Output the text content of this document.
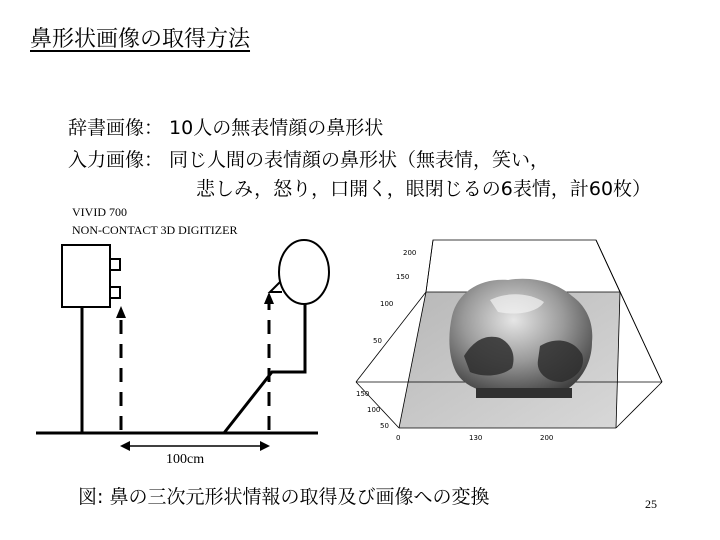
鼻形状画像の取得方法
辞書画像： 10人の無表情顔の鼻形状
入力画像： 同じ人間の表情顔の鼻形状（無表情，笑い，
悲しみ，怒り，口開く，眼閉じるの6表情，計60枚）
VIVID 700
NON-CONTACT 3D DIGITIZER
200
150
100
50
150
100
50
0	130	200
100cm
図: 鼻の三次元形状情報の取得及び画像への変換	25
